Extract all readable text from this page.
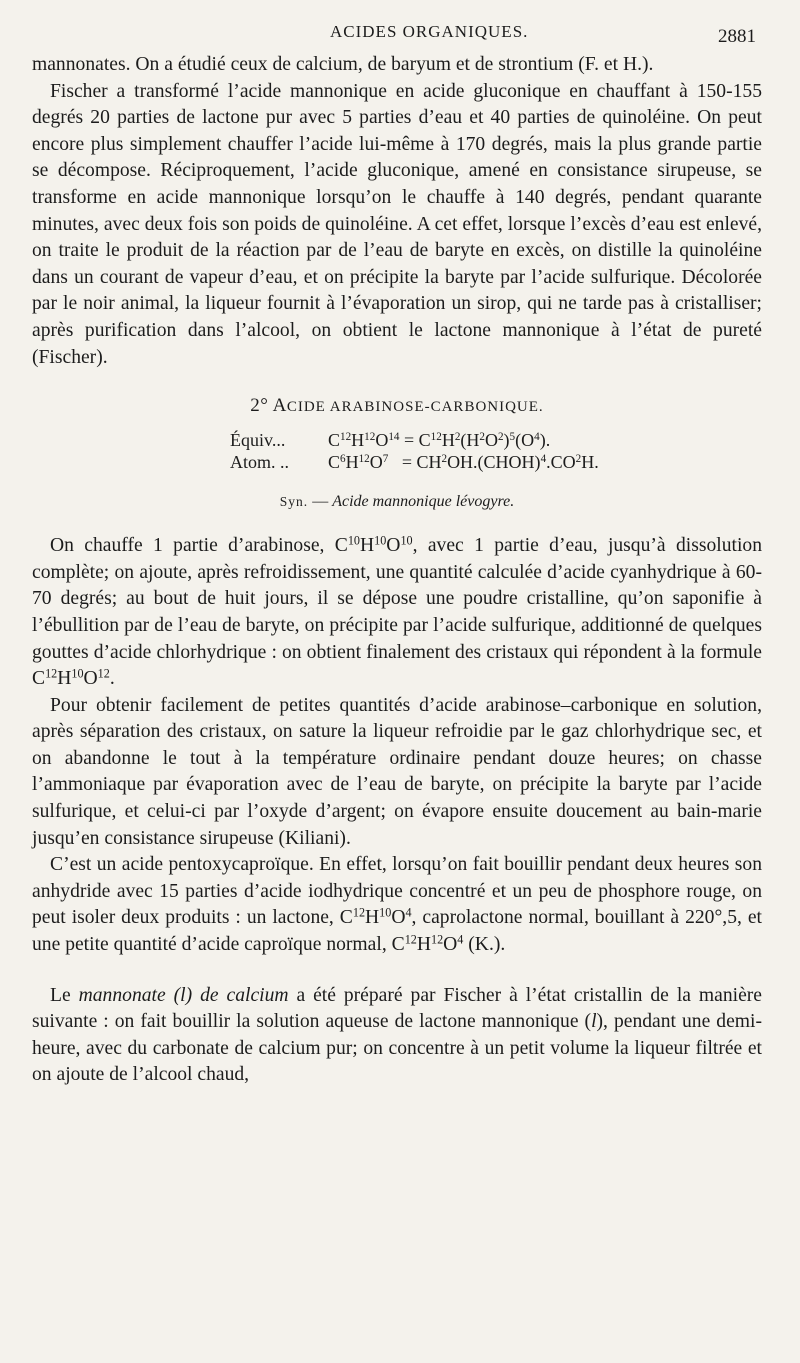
ACIDES ORGANIQUES.	2881

mannonates. On a étudié ceux de calcium, de baryum et de strontium (F. et H.).

Fischer a transformé l’acide mannonique en acide gluconique en chauffant à 150-155 degrés 20 parties de lactone pur avec 5 parties d’eau et 40 parties de quinoléine. On peut encore plus simplement chauffer l’acide lui-même à 170 degrés, mais la plus grande partie se décompose. Réciproquement, l’acide gluconique, amené en consistance sirupeuse, se transforme en acide mannonique lorsqu’on le chauffe à 140 degrés, pendant quarante minutes, avec deux fois son poids de quinoléine. A cet effet, lorsque l’excès d’eau est enlevé, on traite le produit de la réaction par de l’eau de baryte en excès, on distille la quinoléine dans un courant de vapeur d’eau, et on précipite la baryte par l’acide sulfurique. Décolorée par le noir animal, la liqueur fournit à l’évaporation un sirop, qui ne tarde pas à cristalliser; après purification dans l’alcool, on obtient le lactone mannonique à l’état de pureté (Fischer).

2° ACIDE ARABINOSE-CARBONIQUE.
Équiv...	$C^{12}H^{12}O^{14} = C^{12}H^2(H^2O^2)^5(O^4)$.
Atom. ..	$C^6H^{12}O^7$ = $CH^2OH.(CHOH)^4.CO^2H$.
Syn. — Acide mannonique lévogyre.

On chauffe 1 partie d’arabinose, $C^{10}H^{10}O^{10}$, avec 1 partie d’eau, jusqu’à dissolution complète; on ajoute, après refroidissement, une quantité calculée d’acide cyanhydrique à 60-70 degrés; au bout de huit jours, il se dépose une poudre cristalline, qu’on saponifie à l’ébullition par de l’eau de baryte, on précipite par l’acide sulfurique, additionné de quelques gouttes d’acide chlorhydrique : on obtient finalement des cristaux qui répondent à la formule $C^{12}H^{10}O^{12}$.

Pour obtenir facilement de petites quantités d’acide arabinose–carbonique en solution, après séparation des cristaux, on sature la liqueur refroidie par le gaz chlorhydrique sec, et on abandonne le tout à la température ordinaire pendant douze heures; on chasse l’ammoniaque par évaporation avec de l’eau de baryte, on précipite la baryte par l’acide sulfurique, et celui-ci par l’oxyde d’argent; on évapore ensuite doucement au bain-marie jusqu’en consistance sirupeuse (Kiliani).

C’est un acide pentoxycaproïque. En effet, lorsqu’on fait bouillir pendant deux heures son anhydride avec 15 parties d’acide iodhydrique concentré et un peu de phosphore rouge, on peut isoler deux produits : un lactone, $C^{12}H^{10}O^4$, caprolactone normal, bouillant à 220°,5, et une petite quantité d’acide caproïque normal, $C^{12}H^{12}O^4$ (K.).

Le mannonate (l) de calcium a été préparé par Fischer à l’état cristallin de la manière suivante : on fait bouillir la solution aqueuse de lactone mannonique (l), pendant une demi-heure, avec du carbonate de calcium pur; on concentre à un petit volume la liqueur filtrée et on ajoute de l’alcool chaud,
